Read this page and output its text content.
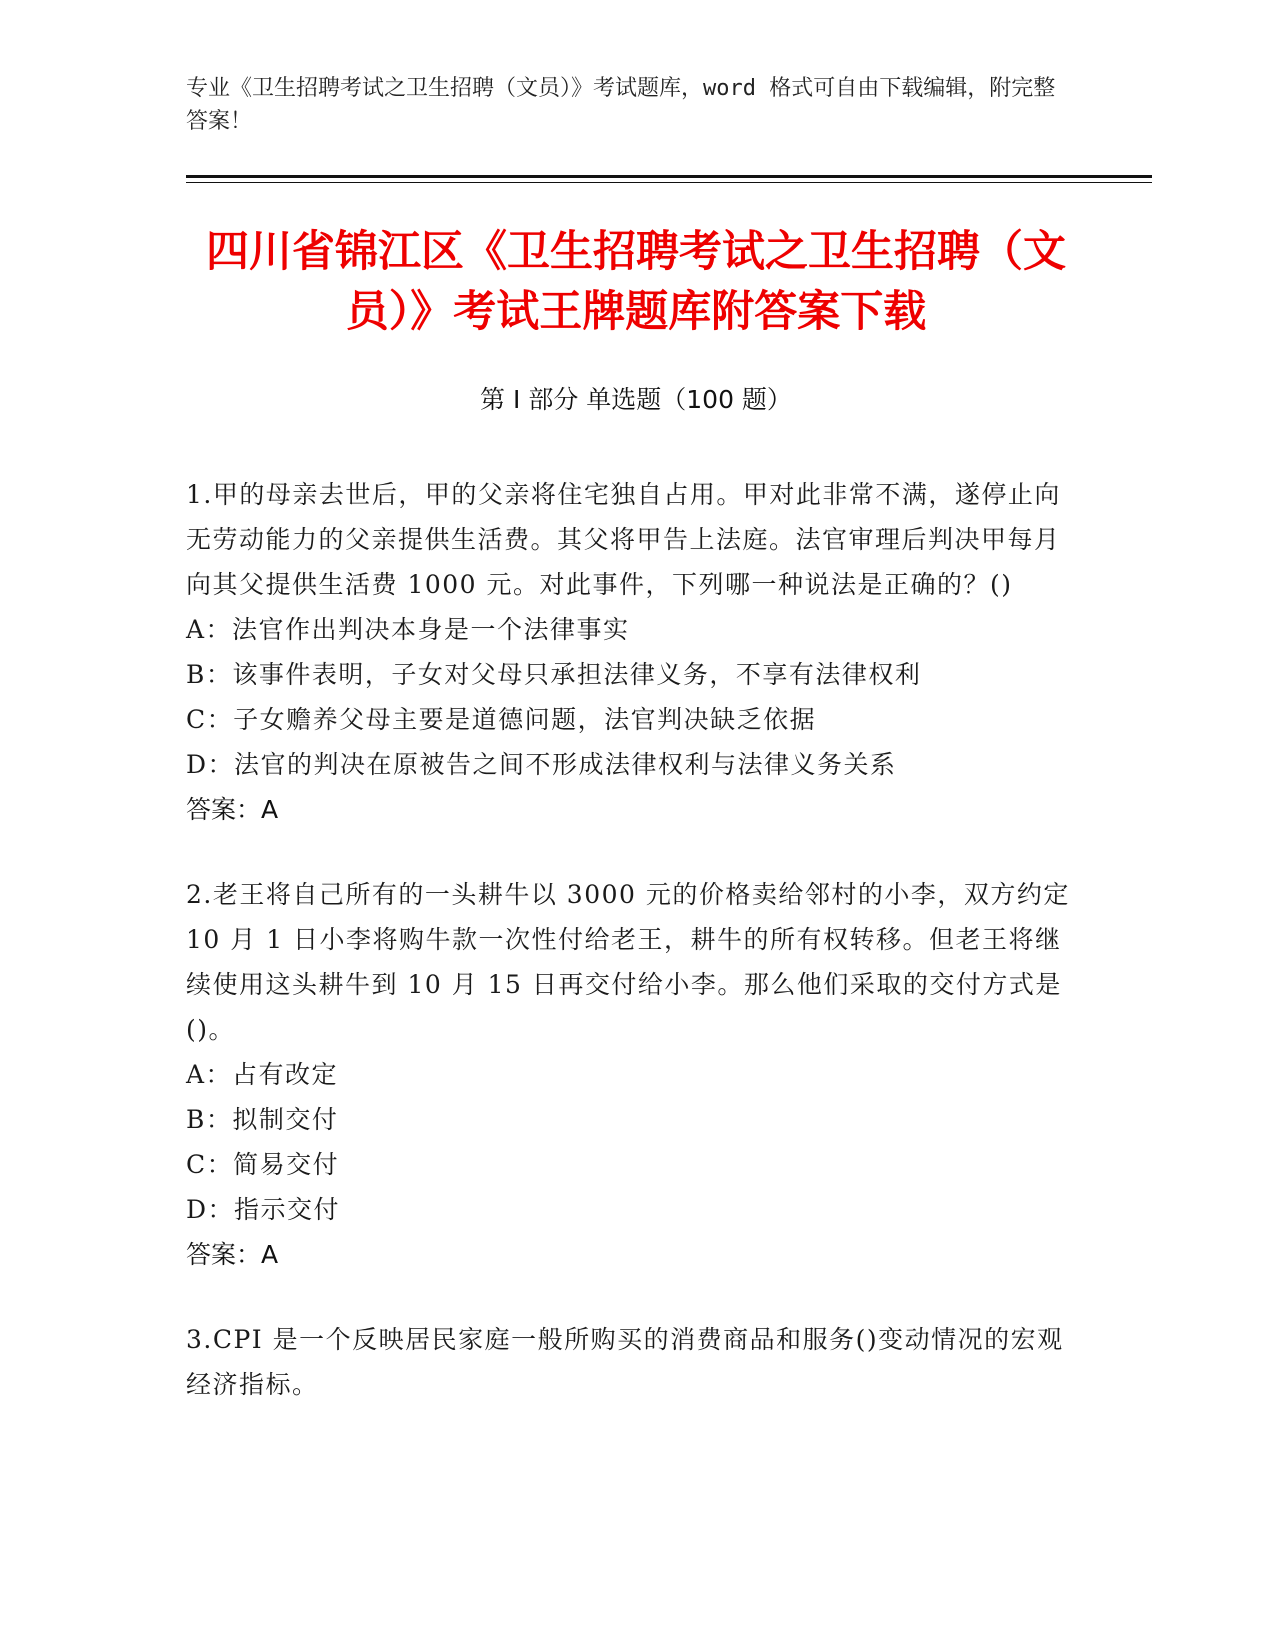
专业《卫生招聘考试之卫生招聘（文员）》考试题库，word 格式可自由下载编辑，附完整答案！
四川省锦江区《卫生招聘考试之卫生招聘（文员）》考试王牌题库附答案下载
第 I 部分 单选题（100 题）
1.甲的母亲去世后，甲的父亲将住宅独自占用。甲对此非常不满，遂停止向无劳动能力的父亲提供生活费。其父将甲告上法庭。法官审理后判决甲每月向其父提供生活费 1000 元。对此事件，下列哪一种说法是正确的？()
A：法官作出判决本身是一个法律事实
B：该事件表明，子女对父母只承担法律义务，不享有法律权利
C：子女赡养父母主要是道德问题，法官判决缺乏依据
D：法官的判决在原被告之间不形成法律权利与法律义务关系
答案：A
2.老王将自己所有的一头耕牛以 3000 元的价格卖给邻村的小李，双方约定 10 月 1 日小李将购牛款一次性付给老王，耕牛的所有权转移。但老王将继续使用这头耕牛到 10 月 15 日再交付给小李。那么他们采取的交付方式是()。
A：占有改定
B：拟制交付
C：简易交付
D：指示交付
答案：A
3.CPI 是一个反映居民家庭一般所购买的消费商品和服务()变动情况的宏观经济指标。
